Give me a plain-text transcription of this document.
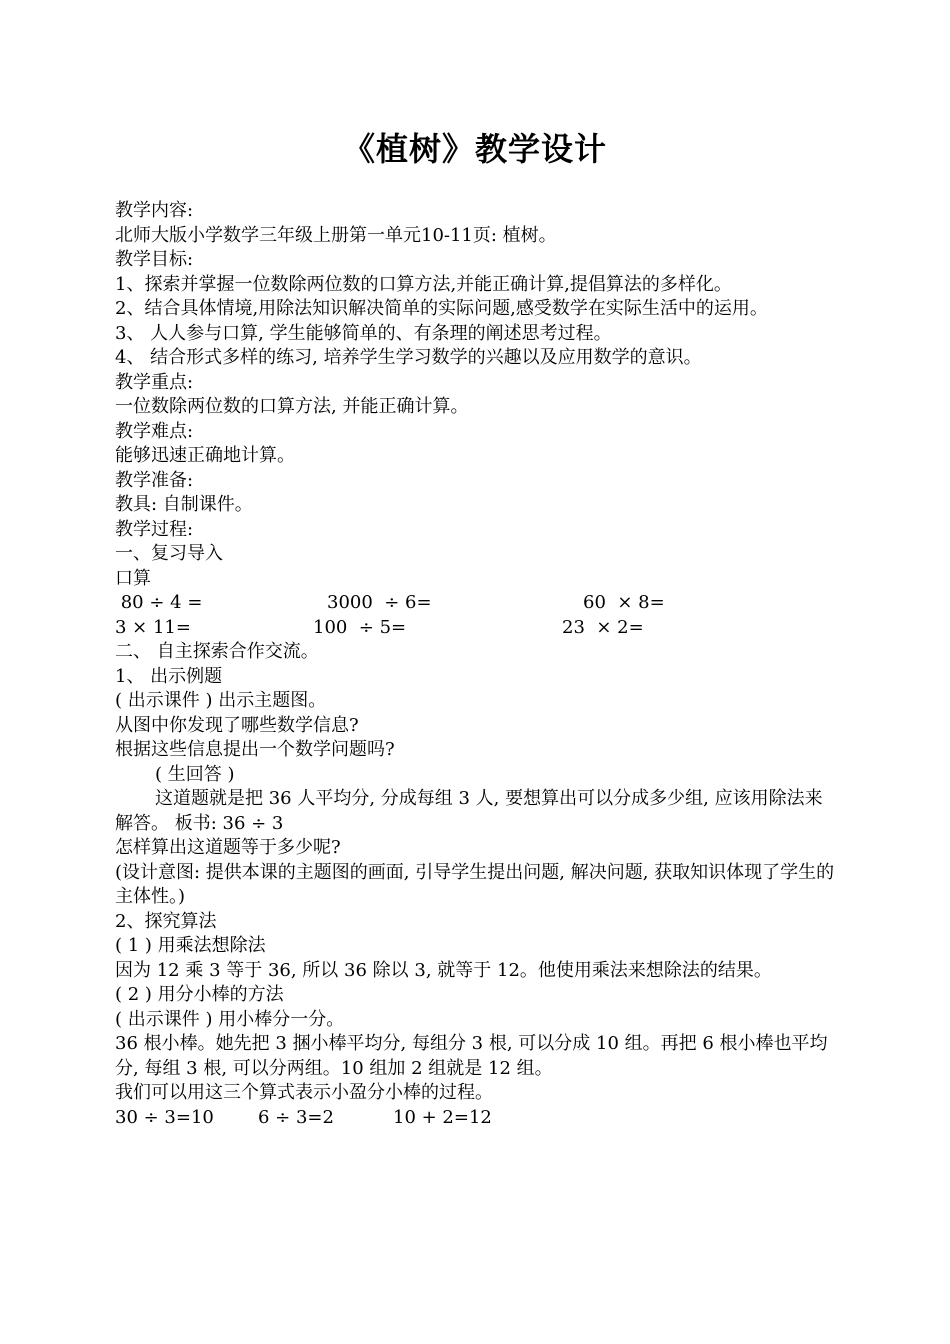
《植树》教学设计
教学内容:
北师大版小学数学三年级上册第一单元10-11页: 植树。
教学目标:
1、探索并掌握一位数除两位数的口算方法,并能正确计算,提倡算法的多样化。
2、结合具体情境,用除法知识解决简单的实际问题,感受数学在实际生活中的运用。
3、 人人参与口算, 学生能够简单的、有条理的阐述思考过程。
4、 结合形式多样的练习, 培养学生学习数学的兴趣以及应用数学的意识。
教学重点:
一位数除两位数的口算方法, 并能正确计算。
教学难点:
能够迅速正确地计算。
教学准备:
教具: 自制课件。
教学过程:
一、复习导入
口算
80 ÷ 4 =	3000  ÷ 6=	60  × 8=
3 × 11=	100  ÷ 5=	23  × 2=
二、 自主探索合作交流。
1、 出示例题
( 出示课件 ) 出示主题图。
从图中你发现了哪些数学信息?
根据这些信息提出一个数学问题吗?
( 生回答 )
这道题就是把 36 人平均分, 分成每组 3 人, 要想算出可以分成多少组, 应该用除法来解答。 板书: 36 ÷ 3
怎样算出这道题等于多少呢?
(设计意图: 提供本课的主题图的画面, 引导学生提出问题, 解决问题, 获取知识体现了学生的主体性。)
2、探究算法
( 1 ) 用乘法想除法
因为 12 乘 3 等于 36, 所以 36 除以 3, 就等于 12。他使用乘法来想除法的结果。
( 2 ) 用分小棒的方法
( 出示课件 ) 用小棒分一分。
36 根小棒。她先把 3 捆小棒平均分, 每组分 3 根, 可以分成 10 组。再把 6 根小棒也平均分, 每组 3 根, 可以分两组。10 组加 2 组就是 12 组。
我们可以用这三个算式表示小盈分小棒的过程。
30 ÷ 3=10 6 ÷ 3=2	10 + 2=12
